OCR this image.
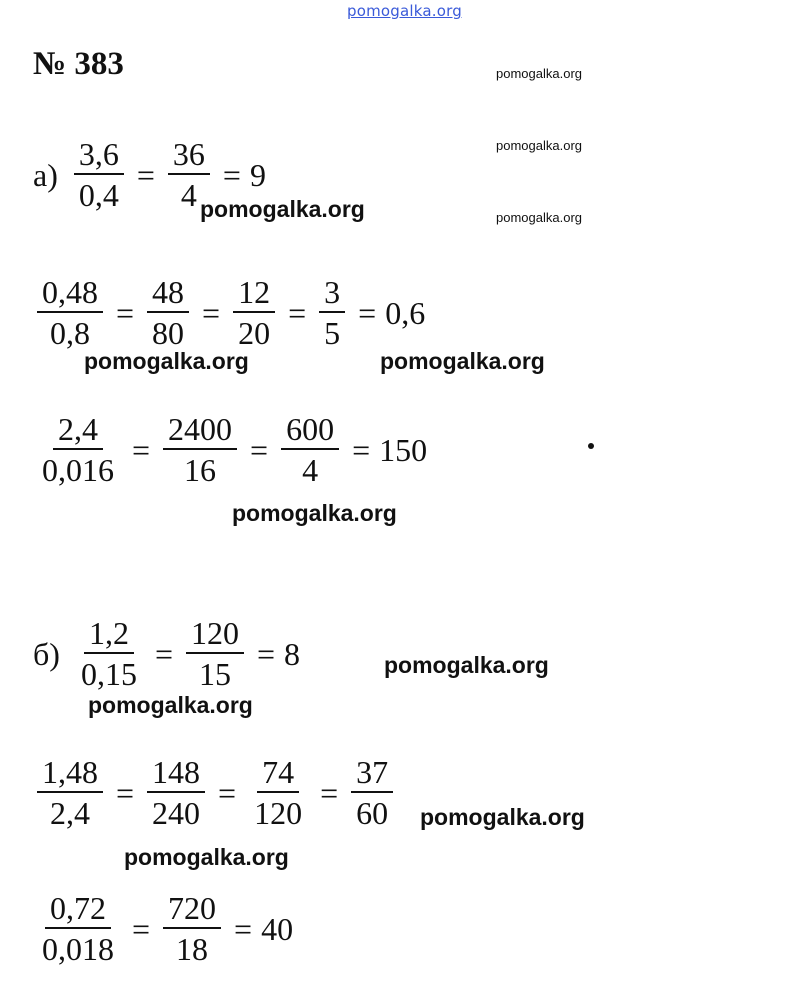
pomogalka.org
№ 383	pomogalka.org
pomogalka.org
pomogalka.org
$а) \frac{3,6}{0,4} = \frac{36}{4} = 9$
pomogalka.org
$\frac{0,48}{0,8} = \frac{48}{80} = \frac{12}{20} = \frac{3}{5} = 0,6$
pomogalka.org	pomogalka.org
$\frac{2,4}{0,016} = \frac{2400}{16} = \frac{600}{4} = 150$
pomogalka.org
$б) \frac{1,2}{0,15} = \frac{120}{15} = 8$	pomogalka.org
pomogalka.org
$\frac{1,48}{2,4} = \frac{148}{240} = \frac{74}{120} = \frac{37}{60}$ pomogalka.org
pomogalka.org
$\frac{0,72}{0,018} = \frac{720}{18} = 40$
